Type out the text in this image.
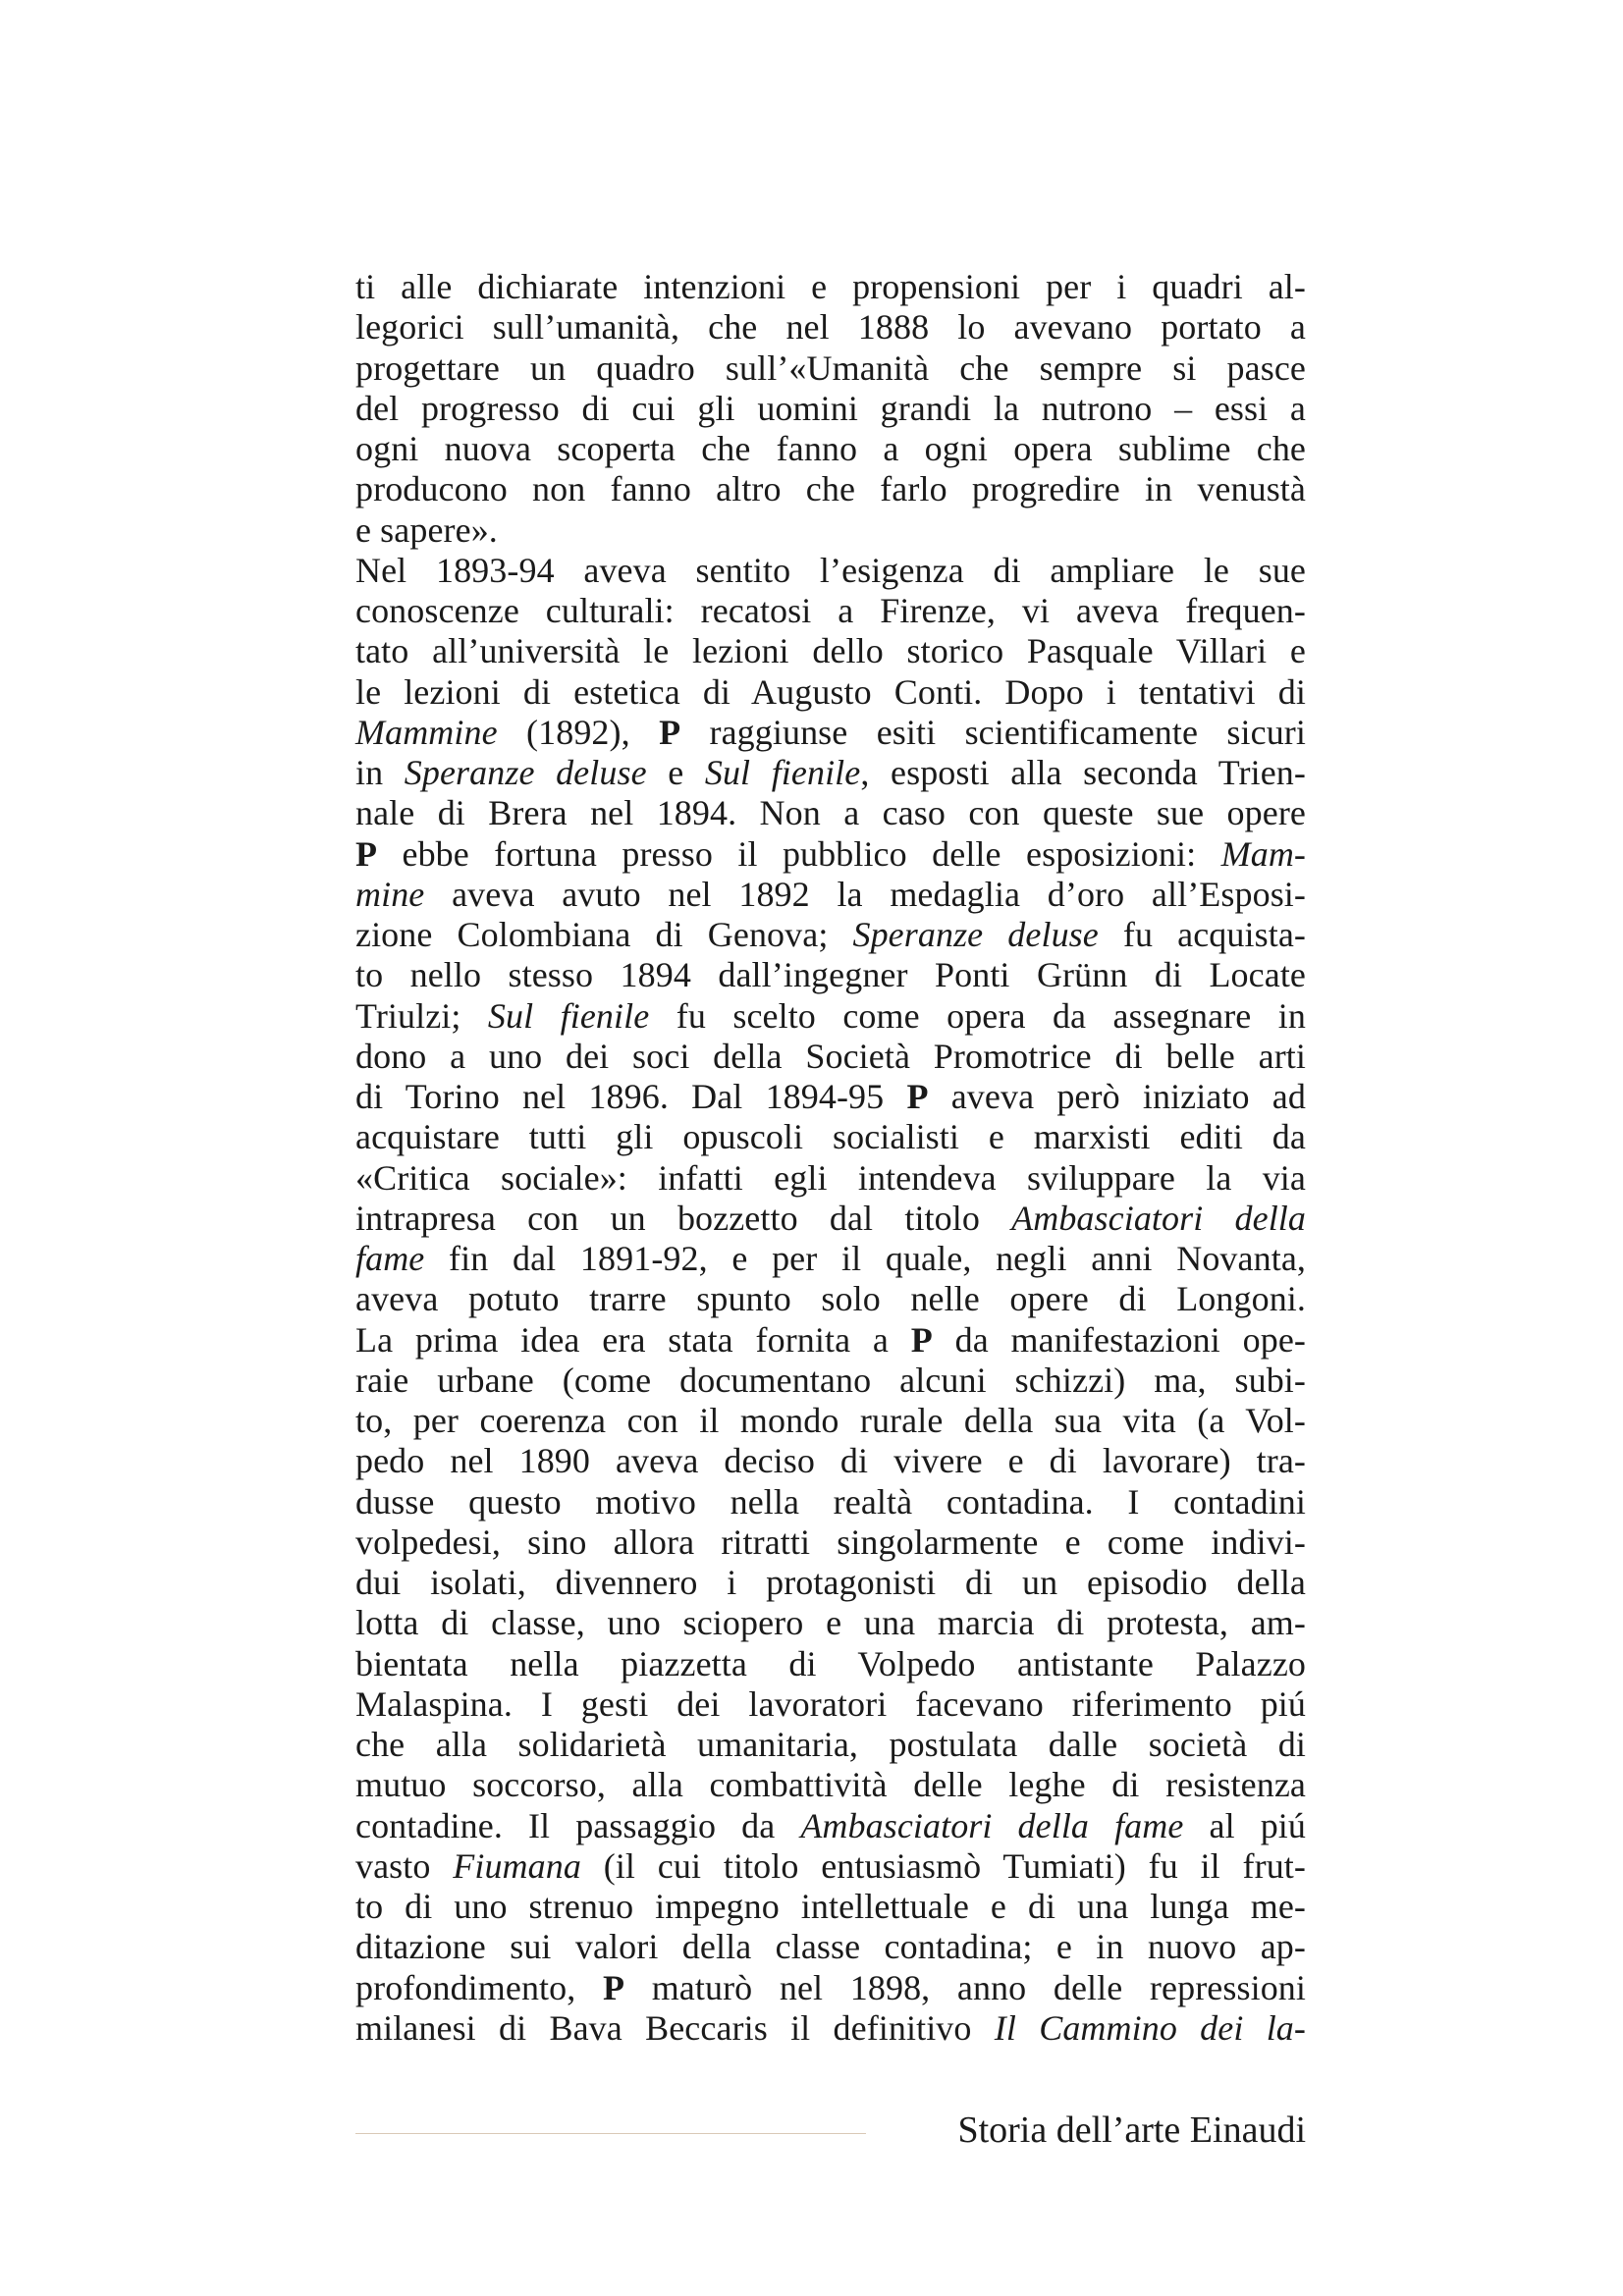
ti alle dichiarate intenzioni e propensioni per i quadri al-
legorici sull’umanità, che nel 1888 lo avevano portato a
progettare un quadro sull’«Umanità che sempre si pasce
del progresso di cui gli uomini grandi la nutrono – essi a
ogni nuova scoperta che fanno a ogni opera sublime che
producono non fanno altro che farlo progredire in venustà
e sapere».
Nel 1893-94 aveva sentito l’esigenza di ampliare le sue
conoscenze culturali: recatosi a Firenze, vi aveva frequen-
tato all’università le lezioni dello storico Pasquale Villari e
le lezioni di estetica di Augusto Conti. Dopo i tentativi di
Mammine (1892), P raggiunse esiti scientificamente sicuri
in Speranze deluse e Sul fienile, esposti alla seconda Trien-
nale di Brera nel 1894. Non a caso con queste sue opere
P ebbe fortuna presso il pubblico delle esposizioni: Mam-
mine aveva avuto nel 1892 la medaglia d’oro all’Esposi-
zione Colombiana di Genova; Speranze deluse fu acquista-
to nello stesso 1894 dall’ingegner Ponti Grünn di Locate
Triulzi; Sul fienile fu scelto come opera da assegnare in
dono a uno dei soci della Società Promotrice di belle arti
di Torino nel 1896. Dal 1894-95 P aveva però iniziato ad
acquistare tutti gli opuscoli socialisti e marxisti editi da
«Critica sociale»: infatti egli intendeva sviluppare la via
intrapresa con un bozzetto dal titolo Ambasciatori della
fame fin dal 1891-92, e per il quale, negli anni Novanta,
aveva potuto trarre spunto solo nelle opere di Longoni.
La prima idea era stata fornita a P da manifestazioni ope-
raie urbane (come documentano alcuni schizzi) ma, subi-
to, per coerenza con il mondo rurale della sua vita (a Vol-
pedo nel 1890 aveva deciso di vivere e di lavorare) tra-
dusse questo motivo nella realtà contadina. I contadini
volpedesi, sino allora ritratti singolarmente e come indivi-
dui isolati, divennero i protagonisti di un episodio della
lotta di classe, uno sciopero e una marcia di protesta, am-
bientata nella piazzetta di Volpedo antistante Palazzo
Malaspina. I gesti dei lavoratori facevano riferimento piú
che alla solidarietà umanitaria, postulata dalle società di
mutuo soccorso, alla combattività delle leghe di resistenza
contadine. Il passaggio da Ambasciatori della fame al piú
vasto Fiumana (il cui titolo entusiasmò Tumiati) fu il frut-
to di uno strenuo impegno intellettuale e di una lunga me-
ditazione sui valori della classe contadina; e in nuovo ap-
profondimento, P maturò nel 1898, anno delle repressioni
milanesi di Bava Beccaris il definitivo Il Cammino dei la-
Storia dell’arte Einaudi
